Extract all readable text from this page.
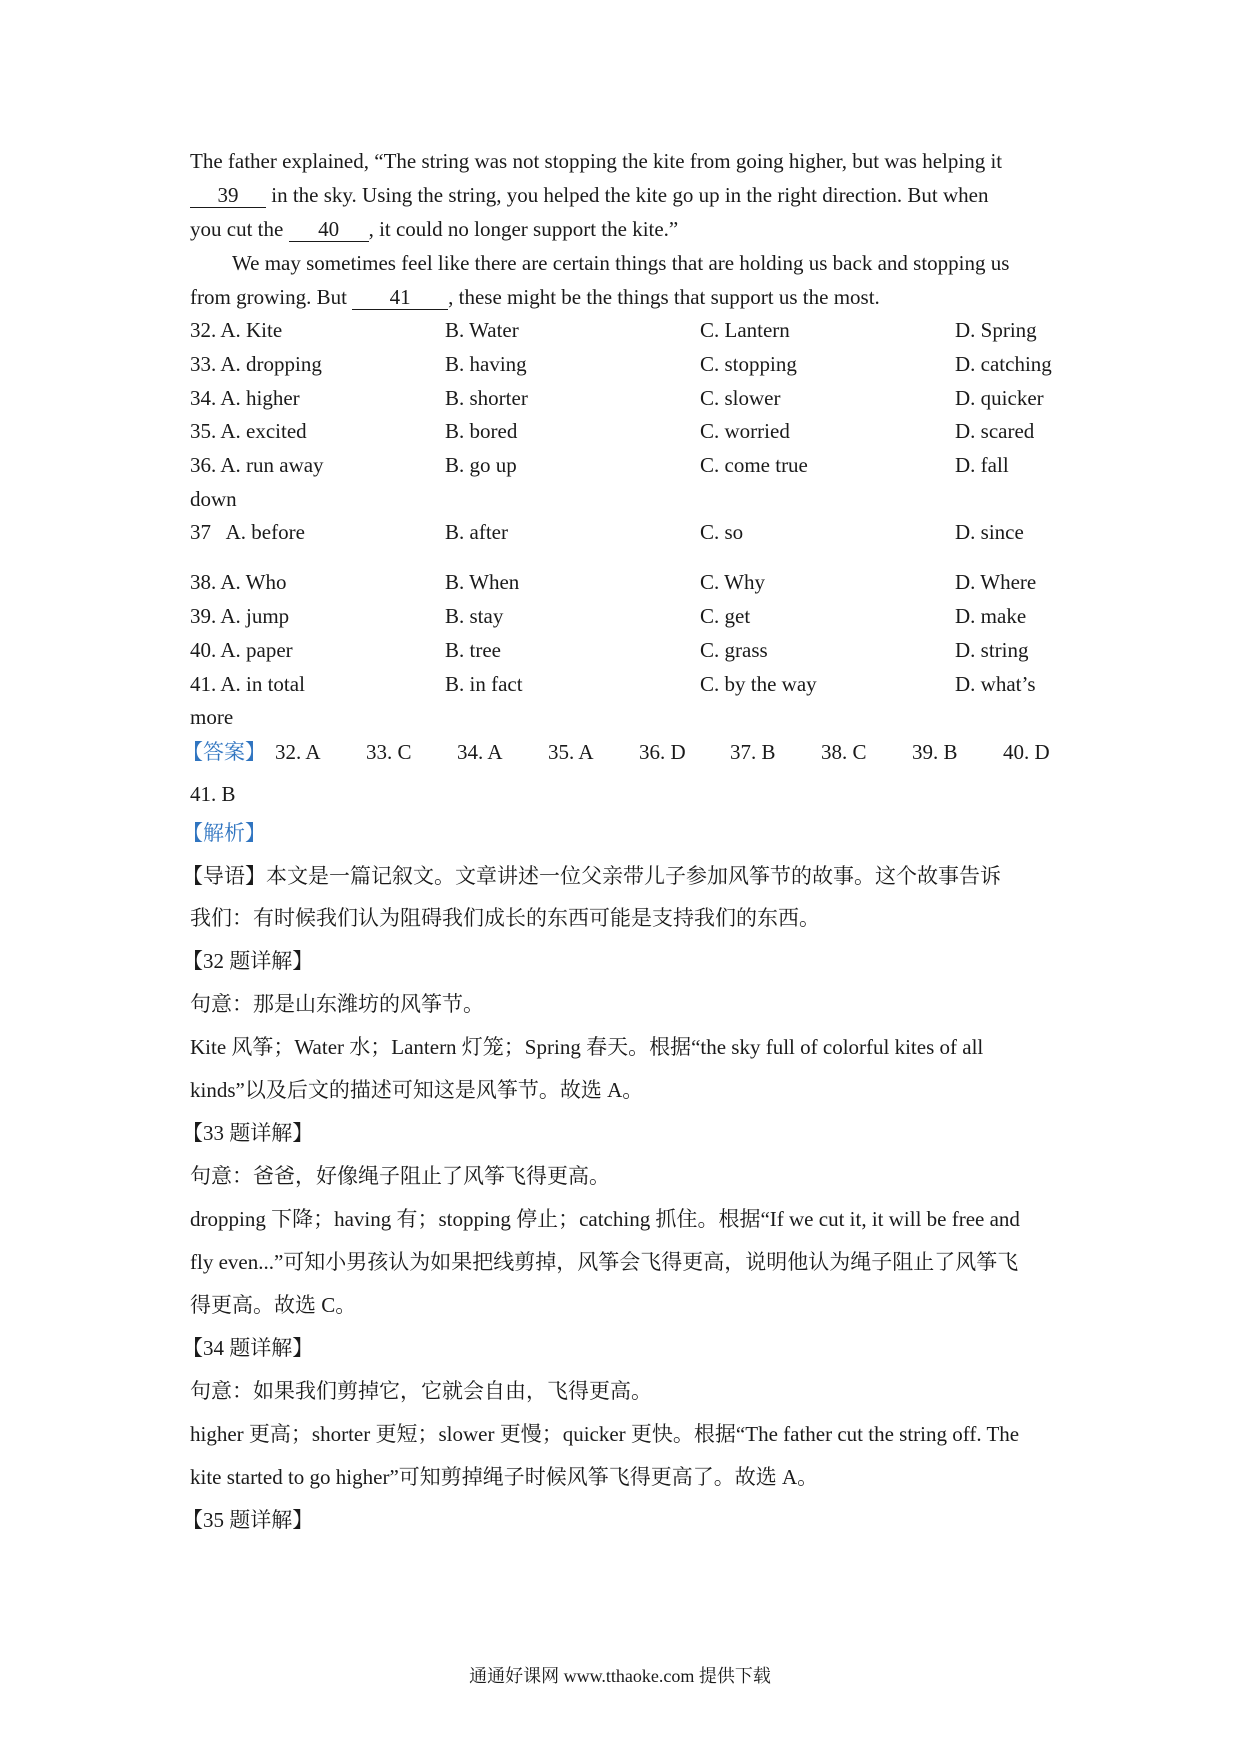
The father explained, “The string was not stopping the kite from going higher, but was helping it
39 in the sky. Using the string, you helped the kite go up in the right direction. But when
you cut the 40 , it could no longer support the kite.”
We may sometimes feel like there are certain things that are holding us back and stopping us
from growing. But 41 , these might be the things that support us the most.
32. A. Kite	B. Water	C. Lantern	D. Spring
33. A. dropping	B. having	C. stopping	D. catching
34. A. higher	B. shorter	C. slower	D. quicker
35. A. excited	B. bored	C. worried	D. scared
36. A. run away	B. go up	C. come true	D. fall
down
37   A. before	B. after	C. so	D. since
38. A. Who	B. When	C. Why	D. Where
39. A. jump	B. stay	C. get	D. make
40. A. paper	B. tree	C. grass	D. string
41. A. in total	B. in fact	C. by the way	D. what’s
more
【答案】 32. A 33. C 34. A 35. A 36. D 37. B 38. C 39. B 40. D
41. B
【解析】
【导语】本文是一篇记叙文。文章讲述一位父亲带儿子参加风筝节的故事。这个故事告诉
我们：有时候我们认为阻碍我们成长的东西可能是支持我们的东西。
【32 题详解】
句意：那是山东潍坊的风筝节。
Kite 风筝；Water 水；Lantern 灯笼；Spring 春天。根据“the sky full of colorful kites of all
kinds”以及后文的描述可知这是风筝节。故选 A。
【33 题详解】
句意：爸爸，好像绳子阻止了风筝飞得更高。
dropping 下降；having 有；stopping 停止；catching 抓住。根据“If we cut it, it will be free and
fly even...”可知小男孩认为如果把线剪掉，风筝会飞得更高，说明他认为绳子阻止了风筝飞
得更高。故选 C。
【34 题详解】
句意：如果我们剪掉它，它就会自由，飞得更高。
higher 更高；shorter 更短；slower 更慢；quicker 更快。根据“The father cut the string off. The
kite started to go higher”可知剪掉绳子时候风筝飞得更高了。故选 A。
【35 题详解】
通通好课网 www.tthaoke.com 提供下载
